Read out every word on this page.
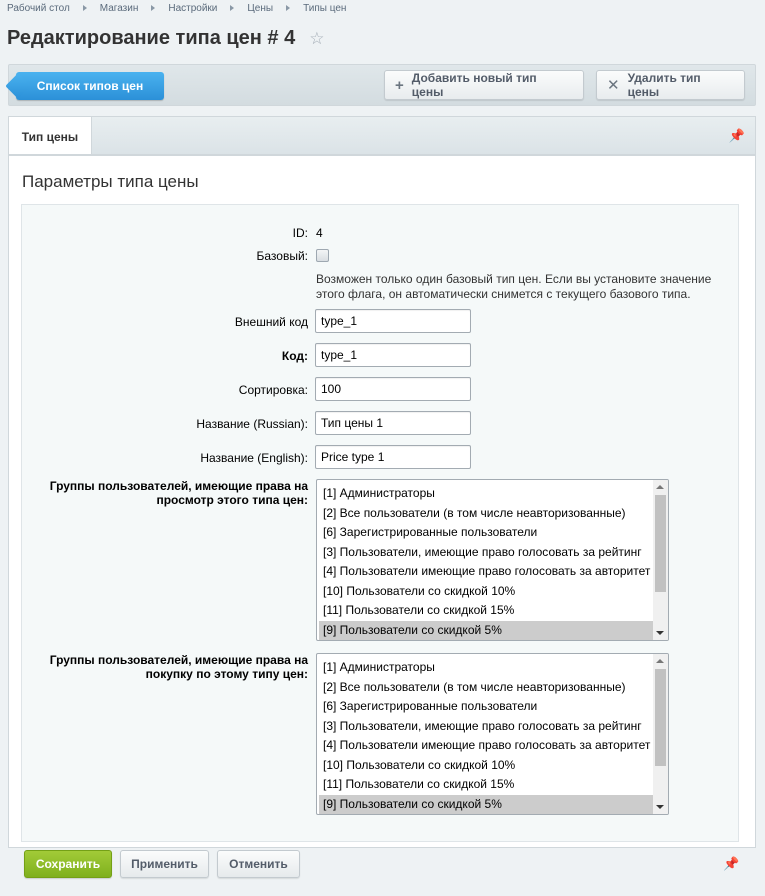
Рабочий стол	Магазин	Настройки	Цены	Типы цен
Редактирование типа цен # 4 ☆
Список типов цен	+ Добавить новый тип цены	✕ Удалить тип цены
Тип цены	📌
Параметры типа цены
ID: 4
Базовый:
Возможен только один базовый тип цен. Если вы установите значение этого флага, он автоматически снимется с текущего базового типа.
Внешний код	type_1
Код:	type_1
Сортировка:	100
Название (Russian):	Тип цены 1
Название (English):	Price type 1
Группы пользователей, имеющие права на
просмотр этого типа цен:	[1] Администраторы
[2] Все пользователи (в том числе неавторизованные)
[6] Зарегистрированные пользователи
[3] Пользователи, имеющие право голосовать за рейтинг
[4] Пользователи имеющие право голосовать за авторитет
[10] Пользователи со скидкой 10%
[11] Пользователи со скидкой 15%
[9] Пользователи со скидкой 5%
Группы пользователей, имеющие права на
покупку по этому типу цен:	[1] Администраторы
[2] Все пользователи (в том числе неавторизованные)
[6] Зарегистрированные пользователи
[3] Пользователи, имеющие право голосовать за рейтинг
[4] Пользователи имеющие право голосовать за авторитет
[10] Пользователи со скидкой 10%
[11] Пользователи со скидкой 15%
[9] Пользователи со скидкой 5%
Сохранить	Применить	Отменить	📌
